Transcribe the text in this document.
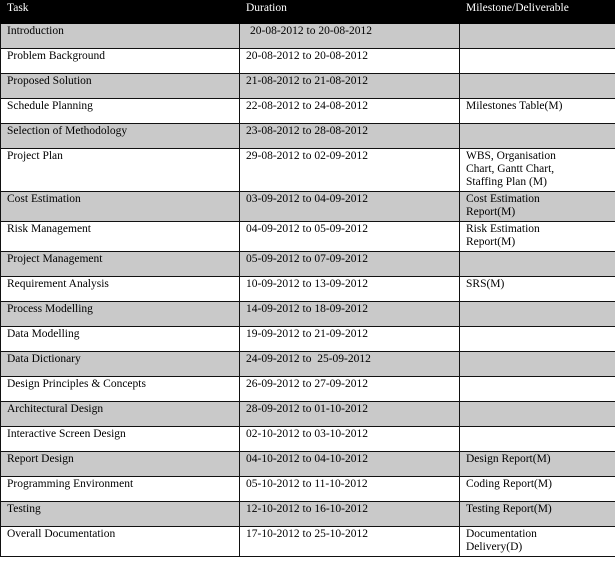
Task	Duration	Milestone/Deliverable
Introduction	20-08-2012 to 20-08-2012	
Problem Background	20-08-2012 to 20-08-2012	
Proposed Solution	21-08-2012 to 21-08-2012	
Schedule Planning	22-08-2012 to 24-08-2012	Milestones Table(M)
Selection of Methodology	23-08-2012 to 28-08-2012	
Project Plan	29-08-2012 to 02-09-2012	WBS, Organisation
Chart, Gantt Chart,
Staffing Plan (M)
Cost Estimation	03-09-2012 to 04-09-2012	Cost Estimation
Report(M)
Risk Management	04-09-2012 to 05-09-2012	Risk Estimation
Report(M)
Project Management	05-09-2012 to 07-09-2012	
Requirement Analysis	10-09-2012 to 13-09-2012	SRS(M)
Process Modelling	14-09-2012 to 18-09-2012	
Data Modelling	19-09-2012 to 21-09-2012	
Data Dictionary	24-09-2012 to  25-09-2012	
Design Principles & Concepts	26-09-2012 to 27-09-2012	
Architectural Design	28-09-2012 to 01-10-2012	
Interactive Screen Design	02-10-2012 to 03-10-2012	
Report Design	04-10-2012 to 04-10-2012	Design Report(M)
Programming Environment	05-10-2012 to 11-10-2012	Coding Report(M)
Testing	12-10-2012 to 16-10-2012	Testing Report(M)
Overall Documentation	17-10-2012 to 25-10-2012	Documentation
Delivery(D)
